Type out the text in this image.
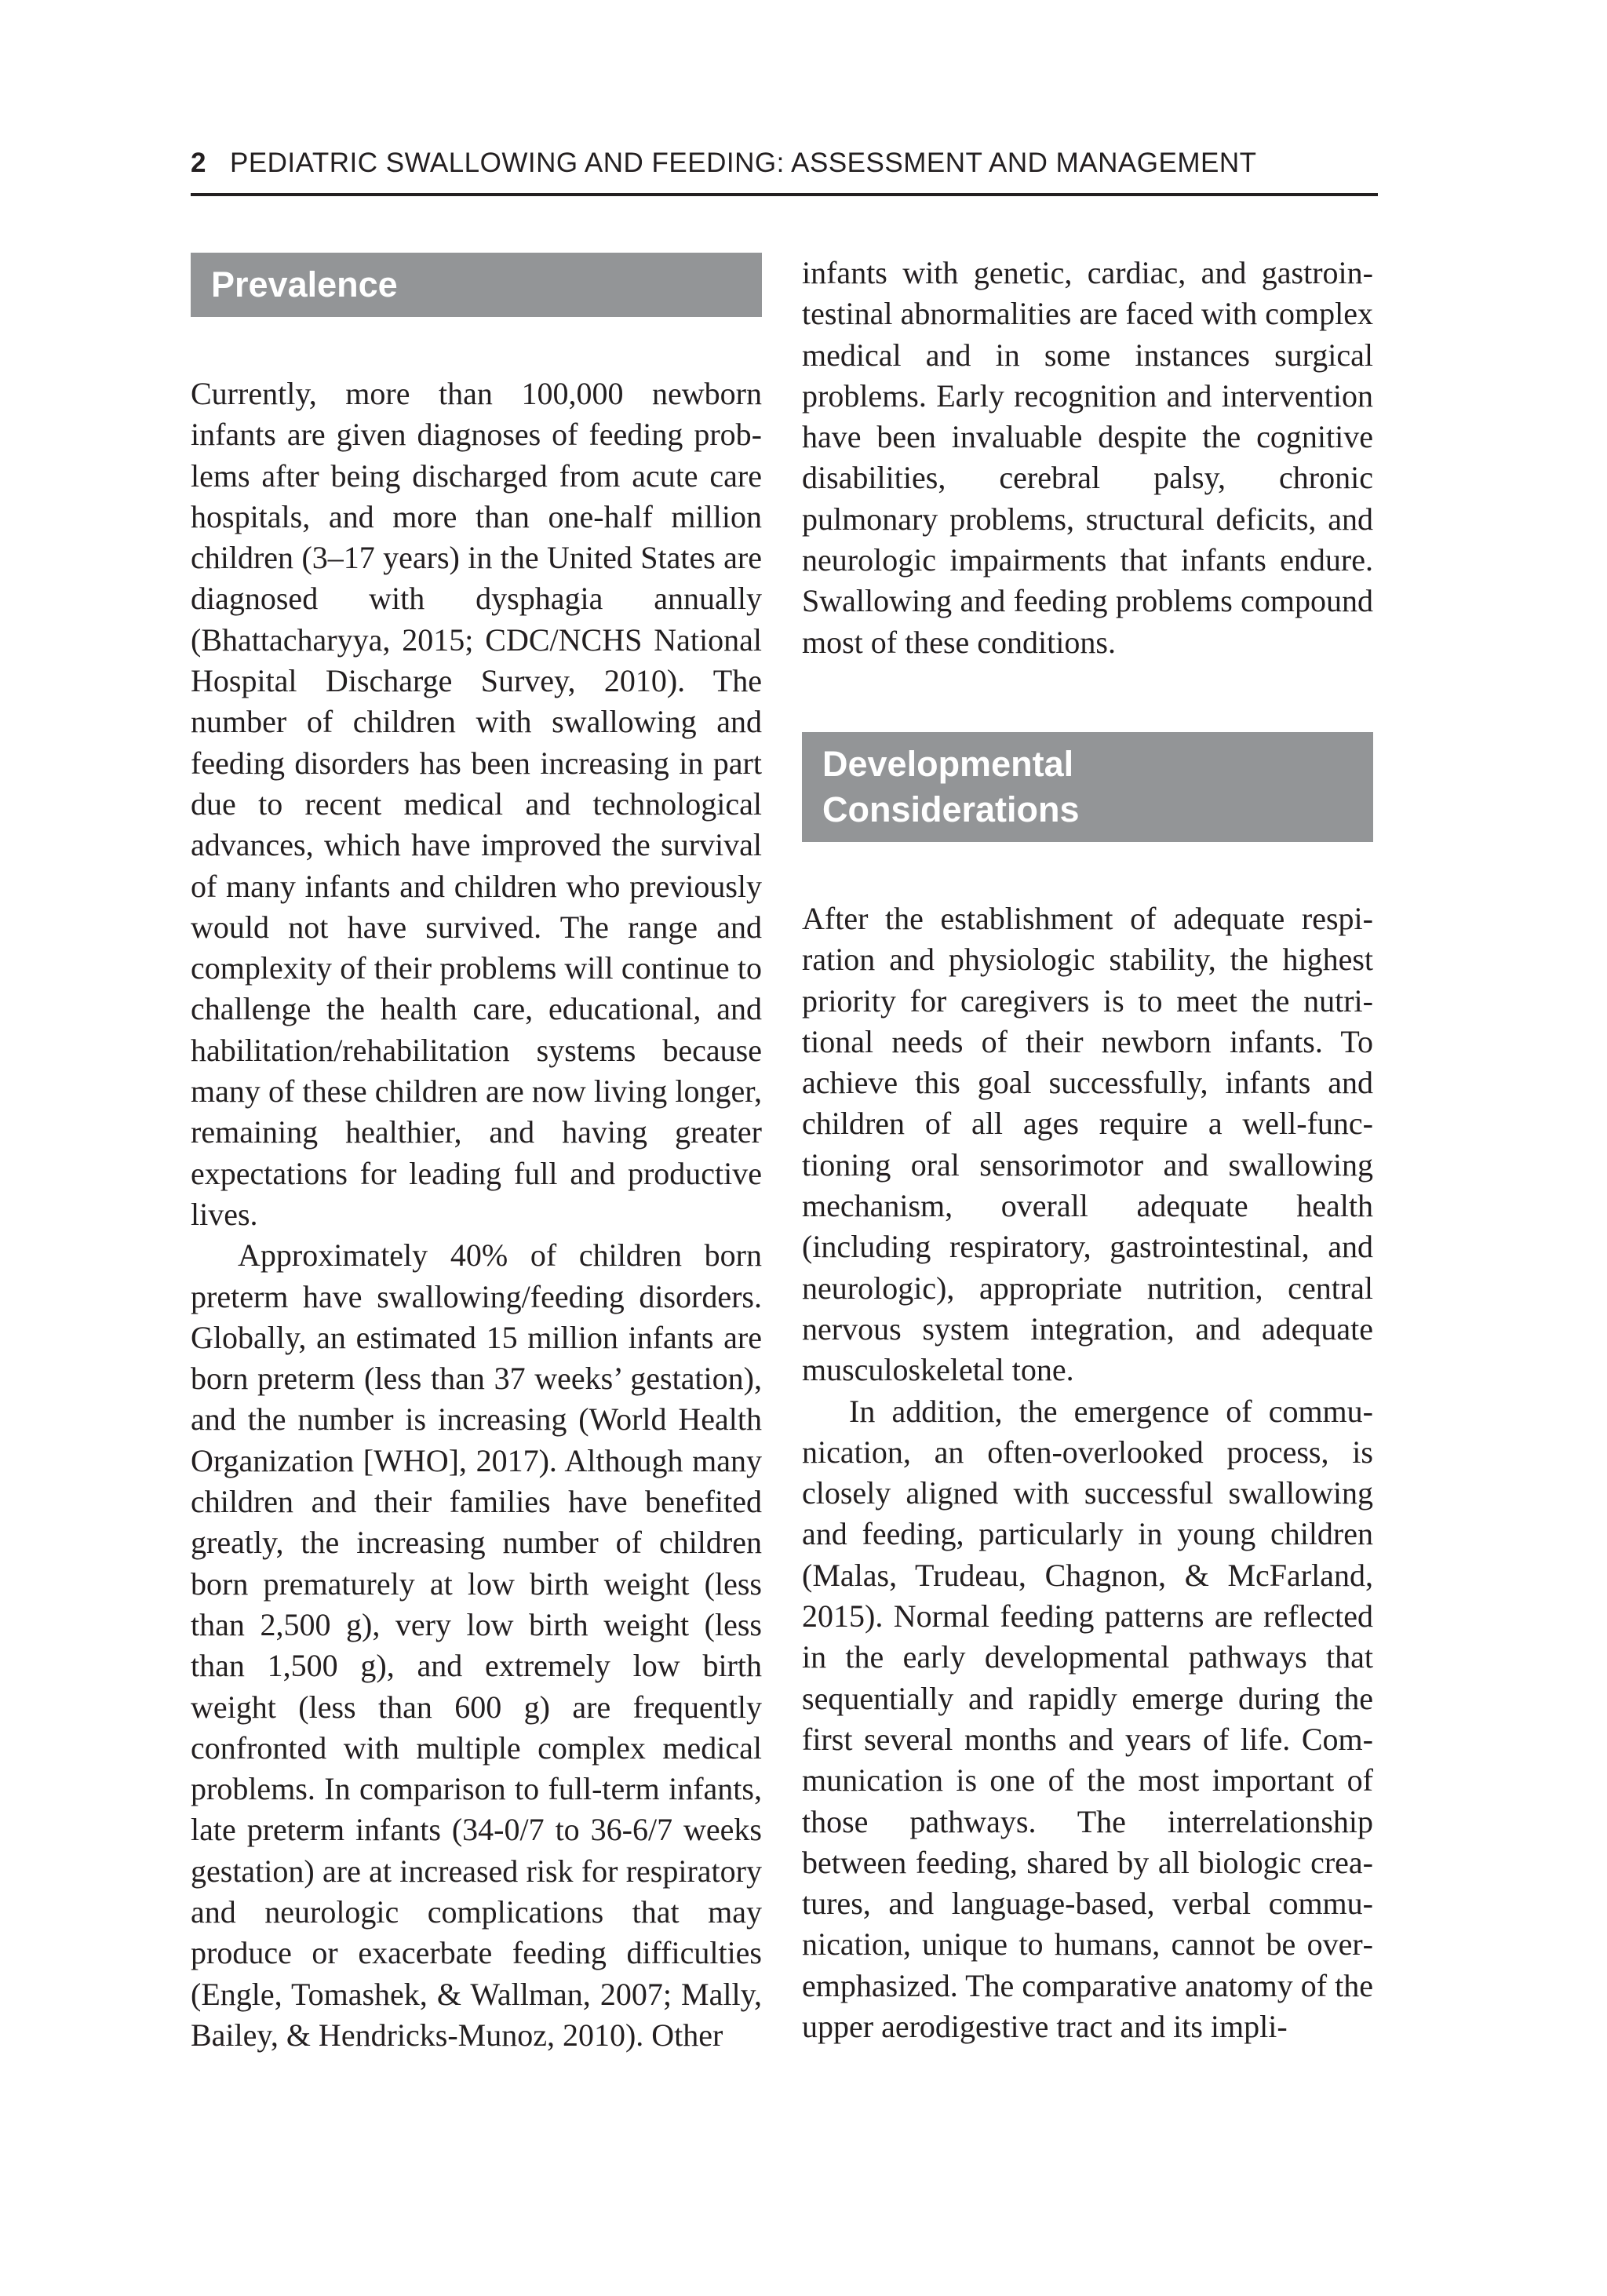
2 PEDIATRIC SWALLOWING AND FEEDING: ASSESSMENT AND MANAGEMENT
Prevalence

Currently, more than 100,000 newborn infants are given diagnoses of feeding problems after being discharged from acute care hospitals, and more than one-half million children (3–17 years) in the United States are diagnosed with dysphagia annually (Bhattacharyya, 2015; CDC/NCHS National Hospital Discharge Survey, 2010). The number of children with swallowing and feeding disorders has been increasing in part due to recent medical and technological advances, which have improved the survival of many infants and children who previously would not have survived. The range and complexity of their problems will continue to challenge the health care, educational, and habilitation/rehabilitation systems because many of these children are now living longer, remaining healthier, and having greater expectations for leading full and productive lives.

Approximately 40% of children born preterm have swallowing/feeding disorders. Globally, an estimated 15 million infants are born preterm (less than 37 weeks’ gestation), and the number is increasing (World Health Organization [WHO], 2017). Although many children and their families have benefited greatly, the increasing number of children born prematurely at low birth weight (less than 2,500 g), very low birth weight (less than 1,500 g), and extremely low birth weight (less than 600 g) are frequently confronted with multiple complex medical problems. In comparison to full-term infants, late preterm infants (34-0/7 to 36-6/7 weeks gestation) are at increased risk for respiratory and neurologic complications that may produce or exacerbate feeding difficulties (Engle, Tomashek, & Wallman, 2007; Mally, Bailey, & Hendricks-Munoz, 2010). Other

infants with genetic, cardiac, and gastrointestinal abnormalities are faced with complex medical and in some instances surgical problems. Early recognition and intervention have been invaluable despite the cognitive disabilities, cerebral palsy, chronic pulmonary problems, structural deficits, and neurologic impairments that infants endure. Swallowing and feeding problems compound most of these conditions.

Developmental
Considerations

After the establishment of adequate respiration and physiologic stability, the highest priority for caregivers is to meet the nutritional needs of their newborn infants. To achieve this goal successfully, infants and children of all ages require a well-functioning oral sensorimotor and swallowing mechanism, overall adequate health (including respiratory, gastrointestinal, and neurologic), appropriate nutrition, central nervous system integration, and adequate musculoskeletal tone.

In addition, the emergence of communication, an often-overlooked process, is closely aligned with successful swallowing and feeding, particularly in young children (Malas, Trudeau, Chagnon, & McFarland, 2015). Normal feeding patterns are reflected in the early developmental pathways that sequentially and rapidly emerge during the first several months and years of life. Communication is one of the most important of those pathways. The interrelationship between feeding, shared by all biologic creatures, and language-based, verbal communication, unique to humans, cannot be overemphasized. The comparative anatomy of the upper aerodigestive tract and its impli-
